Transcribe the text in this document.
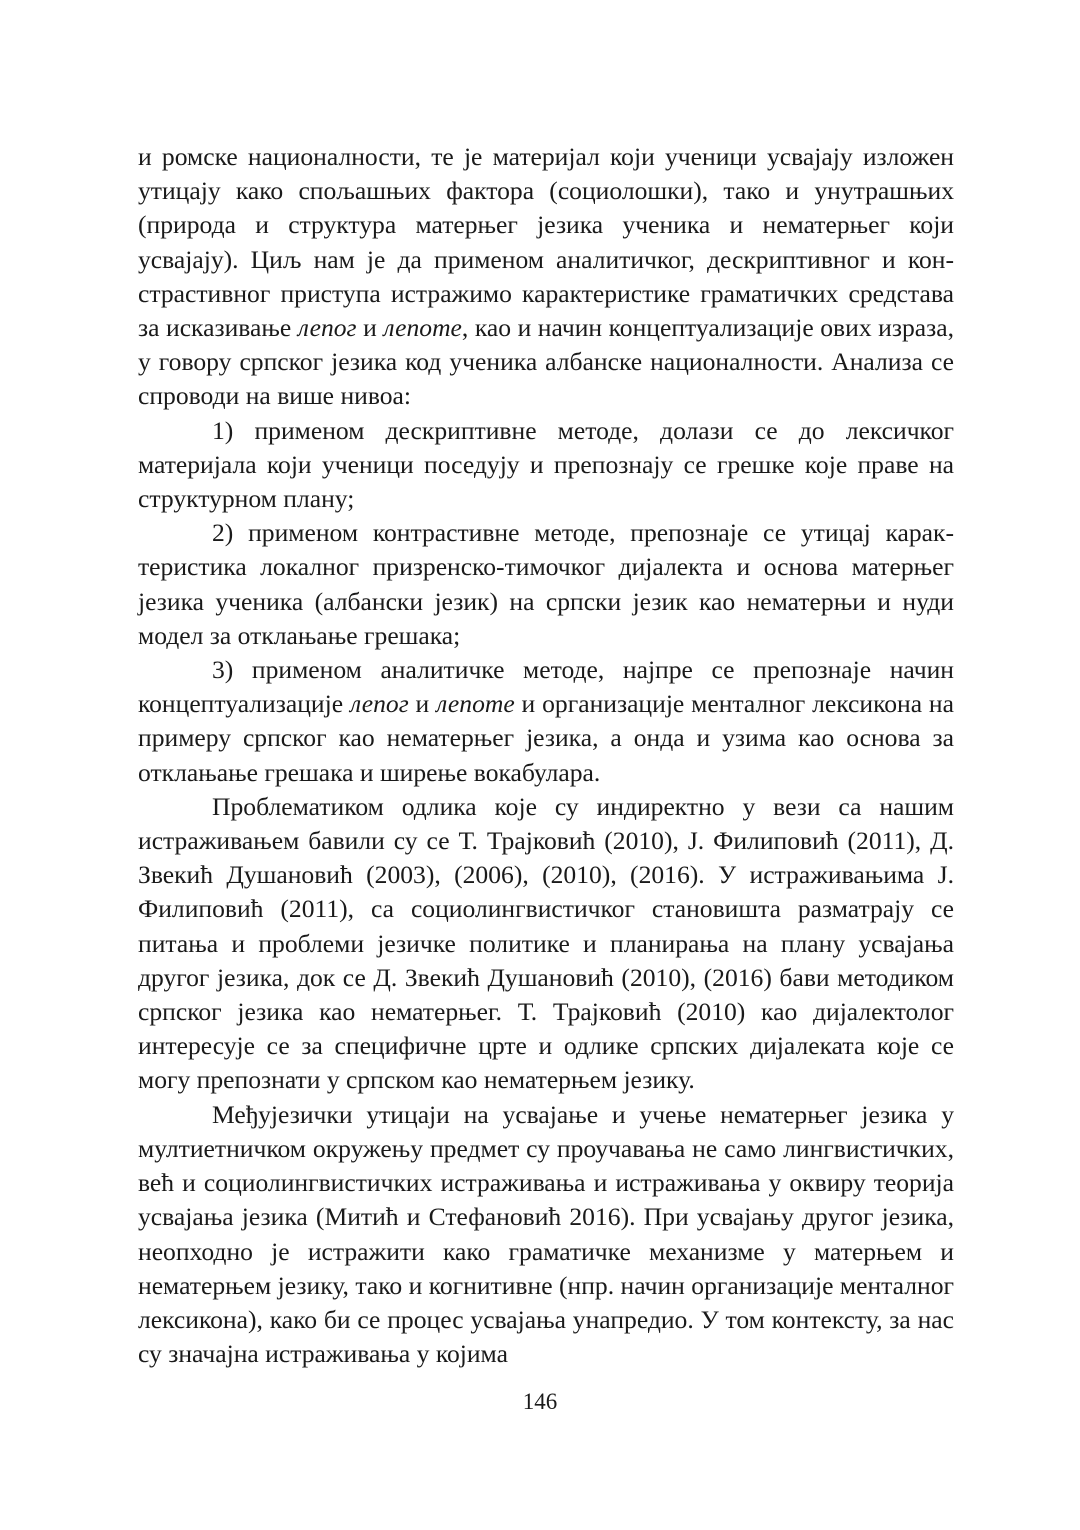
и ромске националности, те је материјал који ученици усвајају изложен утицају како спољашњих фактора (социолошки), тако и унутрашњих (природа и структура матерњег језика ученика и нематерњег који усвајају). Циљ нам је да применом аналитичког, дескриптивног и констрастивног приступа истражимо карактеристике граматичких средстава за исказивање лепог и лепоте, као и начин концептуализације ових израза, у говору српског језика код ученика албанске националности. Анализа се спроводи на више нивоа:

1) применом дескриптивне методе, долази се до лексичког материјала који ученици поседују и препознају се грешке које праве на структурном плану;

2) применом контрастивне методе, препознаје се утицај карактеристика локалног призренско-тимочког дијалекта и основа матерњег језика ученика (албански језик) на српски језик као нематерњи и нуди модел за отклањање грешака;

3) применом аналитичке методе, најпре се препознаје начин концептуализације лепог и лепоте и организације менталног лексикона на примеру српског као нематерњег језика, а онда и узима као основа за отклањање грешака и ширење вокабулара.

Проблематиком одлика које су индиректно у вези са нашим истраживањем бавили су се Т. Трајковић (2010), Ј. Филиповић (2011), Д. Звекић Душановић (2003), (2006), (2010), (2016). У истраживањима Ј. Филиповић (2011), са социолингвистичког становишта разматрају се питања и проблеми језичке политике и планирања на плану усвајања другог језика, док се Д. Звекић Душановић (2010), (2016) бави методиком српског језика као нематерњег. Т. Трајковић (2010) као дијалектолог интересује се за специфичне црте и одлике српских дијалеката које се могу препознати у српском као нематерњем језику.

Међујезички утицаји на усвајање и учење нематерњег језика у мултиетничком окружењу предмет су проучавања не само лингвистичких, већ и социолингвистичких истраживања и истраживања у оквиру теорија усвајања језика (Митић и Стефановић 2016). При усвајању другог језика, неопходно је истражити како граматичке механизме у матерњем и нематерњем језику, тако и когнитивне (нпр. начин организације менталног лексикона), како би се процес усвајања унапредио. У том контексту, за нас су значајна истраживања у којима

146
